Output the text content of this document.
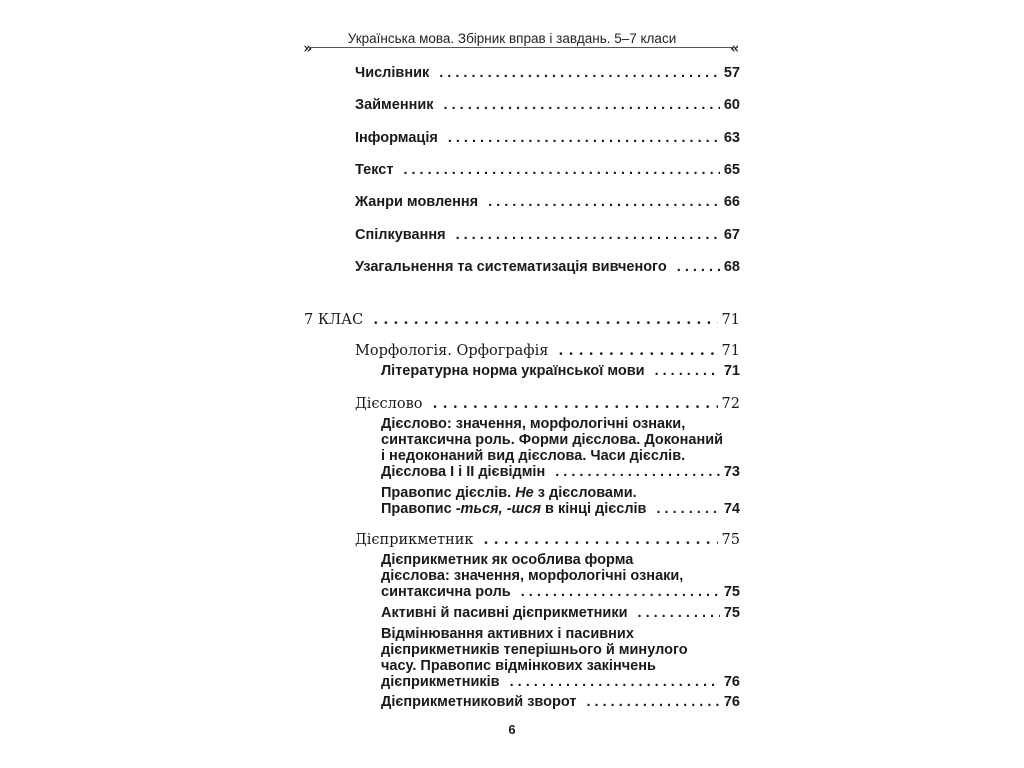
»
Українська мова. Збірник вправ і завдань. 5–7 класи
«
Числівник . . .	57
Займенник . . .	60
Інформація . . .	63
Текст . . .	65
Жанри мовлення . . .	66
Спілкування . . .	67
Узагальнення та систематизація вивченого . . .	68
7 КЛАС . . .	71
Морфологія. Орфографія . . .	71
Літературна норма української мови . . .	71
Дієслово . . .	72
Дієслово: значення, морфологічні ознаки,
синтаксична роль. Форми дієслова. Доконаний
і недоконаний вид дієслова. Часи дієслів.
Дієслова І і ІІ дієвідмін . . .	73
Правопис дієслів. Не з дієсловами.
Правопис -ться, -шся в кінці дієслів . . .	74
Дієприкметник . . .	75
Дієприкметник як особлива форма
дієслова: значення, морфологічні ознаки,
синтаксична роль . . .	75
Активні й пасивні дієприкметники . . .	75
Відмінювання активних і пасивних
дієприкметників теперішнього й минулого
часу. Правопис відмінкових закінчень
дієприкметників . . .	76
Дієприкметниковий зворот . . .	76
6
